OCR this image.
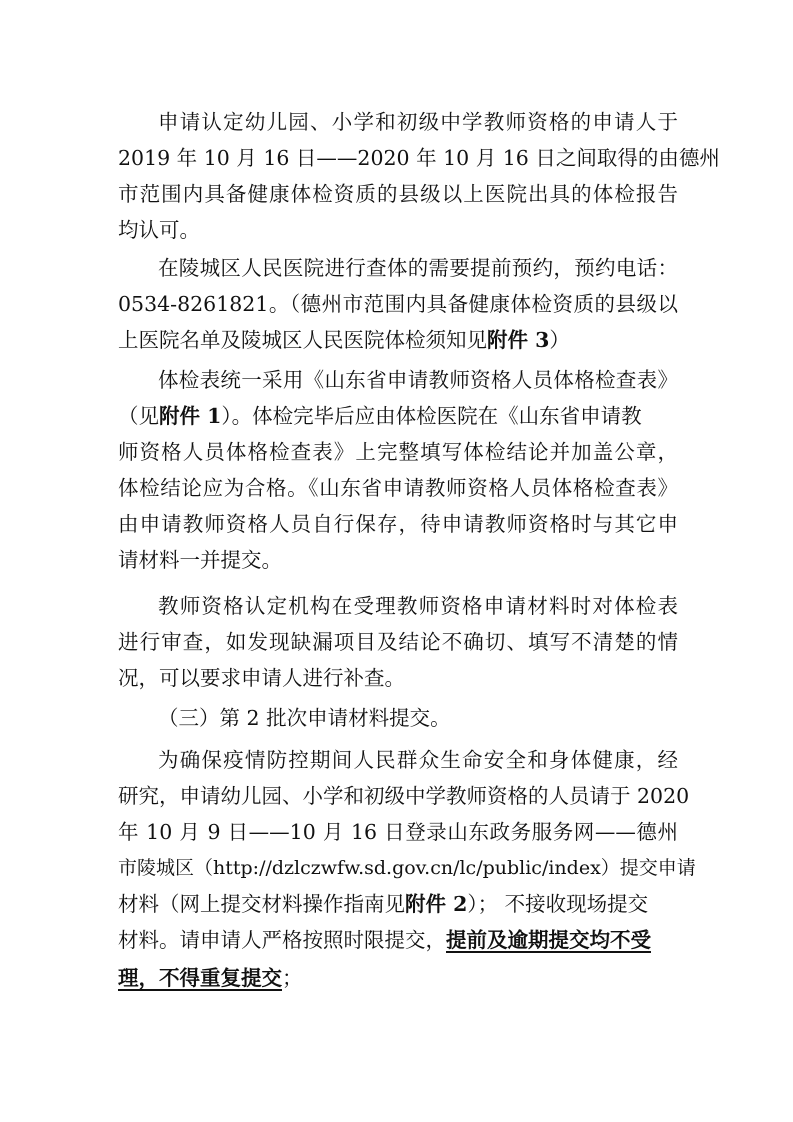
申请认定幼儿园、小学和初级中学教师资格的申请人于
2019 年 10 月 16 日——2020 年 10 月 16 日之间取得的由德州
市范围内具备健康体检资质的县级以上医院出具的体检报告
均认可。
在陵城区人民医院进行查体的需要提前预约，预约电话：
0534-8261821。（德州市范围内具备健康体检资质的县级以
上医院名单及陵城区人民医院体检须知见附件 3）
体检表统一采用《山东省申请教师资格人员体格检查表》
（见附件 1）。体检完毕后应由体检医院在《山东省申请教
师资格人员体格检查表》上完整填写体检结论并加盖公章，
体检结论应为合格。《山东省申请教师资格人员体格检查表》
由申请教师资格人员自行保存，待申请教师资格时与其它申
请材料一并提交。
教师资格认定机构在受理教师资格申请材料时对体检表
进行审查，如发现缺漏项目及结论不确切、填写不清楚的情
况，可以要求申请人进行补查。
（三）第 2 批次申请材料提交。
为确保疫情防控期间人民群众生命安全和身体健康，经
研究，申请幼儿园、小学和初级中学教师资格的人员请于 2020
年 10 月 9 日——10 月 16 日登录山东政务服务网——德州
市陵城区（http://dzlczwfw.sd.gov.cn/lc/public/index）提交申请
材料（网上提交材料操作指南见附件 2）； 不接收现场提交
材料。请申请人严格按照时限提交，提前及逾期提交均不受
理，不得重复提交；
